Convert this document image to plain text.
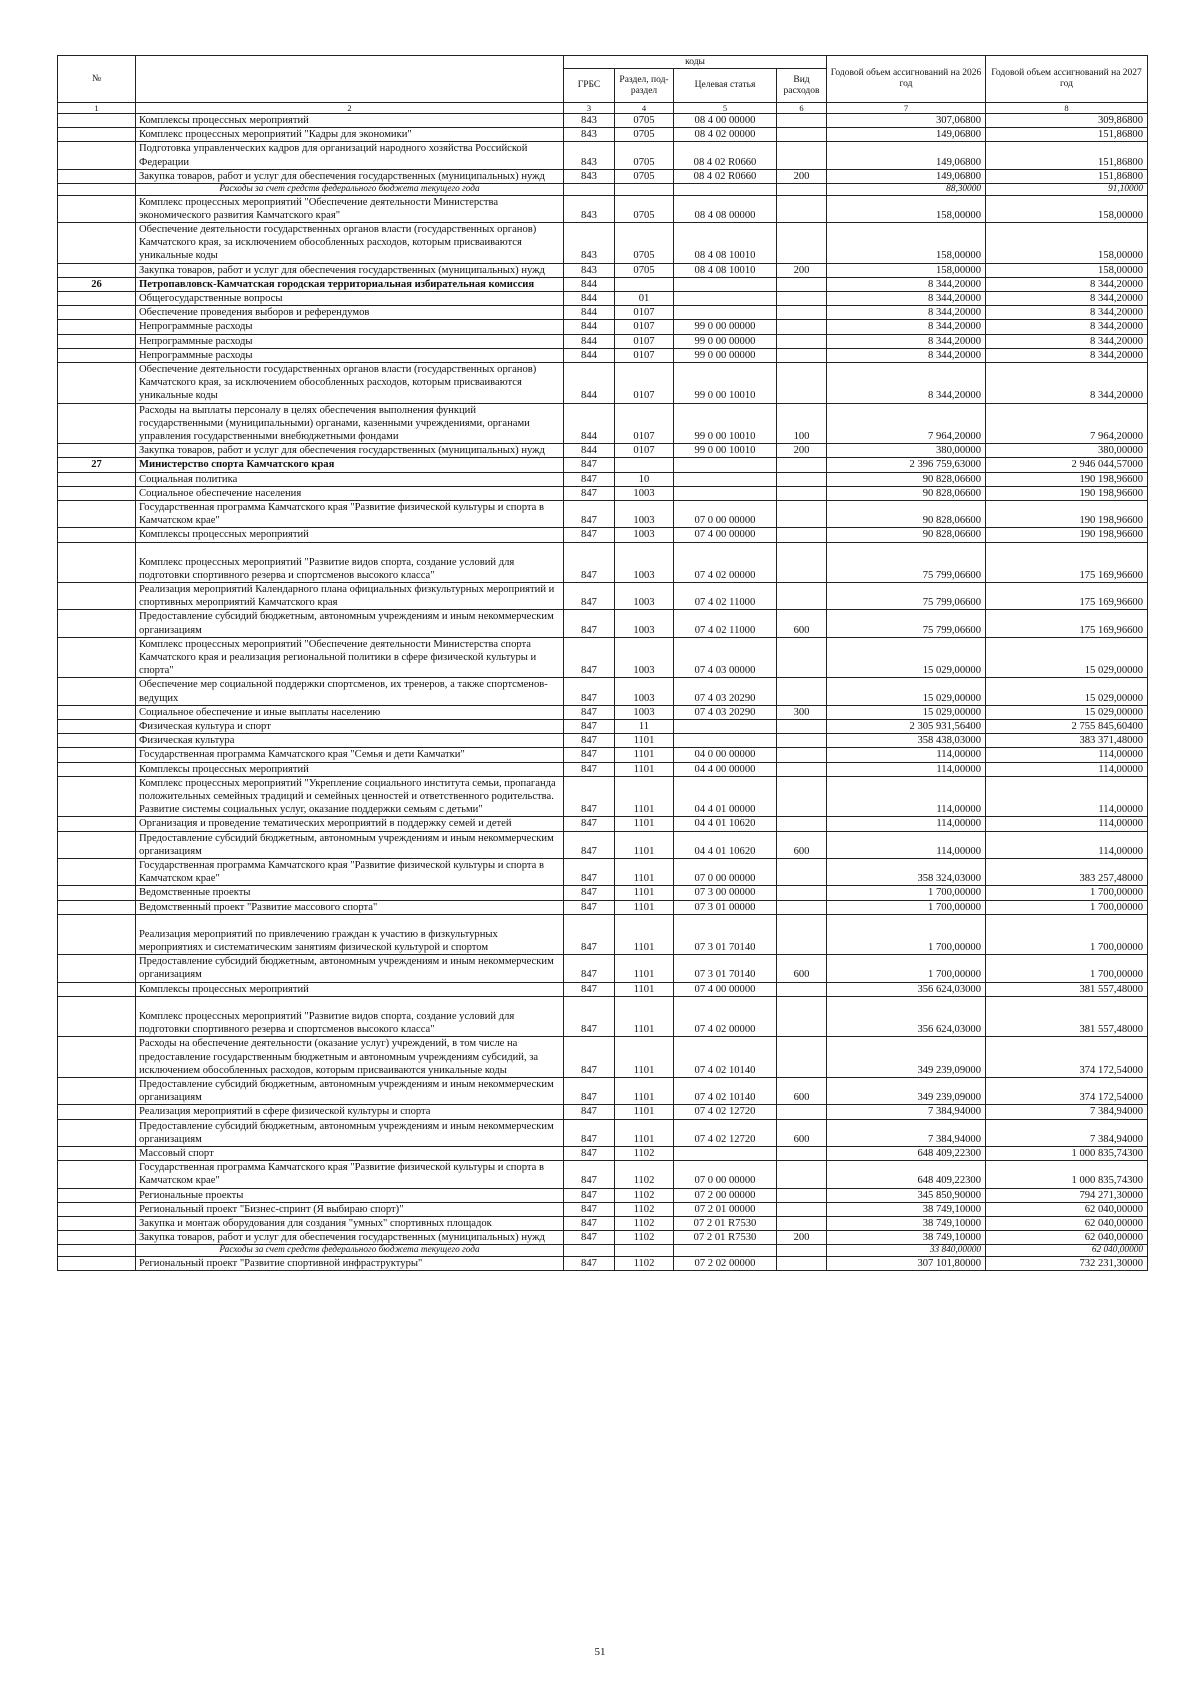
№		коды				Годовой объем ассигнований на 2026 год	Годовой объем ассигнований на 2027 год
		ГРБС	Раздел, под-раздел	Целевая статья	Вид расходов		
1	2	3	4	5	6	7	8
	Комплексы процессных мероприятий	843	0705	08 4 00 00000		307,06800	309,86800
	Комплекс процессных мероприятий "Кадры для экономики"	843	0705	08 4 02 00000		149,06800	151,86800
	Подготовка управленческих кадров для организаций народного хозяйства Российской Федерации	843	0705	08 4 02 R0660		149,06800	151,86800
	Закупка товаров, работ и услуг для обеспечения государственных (муниципальных) нужд	843	0705	08 4 02 R0660	200	149,06800	151,86800
	Расходы за счет средств федерального бюджета текущего года					88,30000	91,10000
	Комплекс процессных мероприятий "Обеспечение деятельности Министерства экономического развития Камчатского края"	843	0705	08 4 08 00000		158,00000	158,00000
	Обеспечение деятельности государственных органов власти (государственных органов) Камчатского края, за исключением обособленных расходов, которым присваиваются уникальные коды	843	0705	08 4 08 10010		158,00000	158,00000
	Закупка товаров, работ и услуг для обеспечения государственных (муниципальных) нужд	843	0705	08 4 08 10010	200	158,00000	158,00000
26	Петропавловск-Камчатская городская территориальная избирательная комиссия	844				8 344,20000	8 344,20000
	Общегосударственные вопросы	844	01			8 344,20000	8 344,20000
	Обеспечение проведения выборов и референдумов	844	0107			8 344,20000	8 344,20000
	Непрограммные расходы	844	0107	99 0 00 00000		8 344,20000	8 344,20000
	Непрограммные расходы	844	0107	99 0 00 00000		8 344,20000	8 344,20000
	Непрограммные расходы	844	0107	99 0 00 00000		8 344,20000	8 344,20000
	Обеспечение деятельности государственных органов власти (государственных органов) Камчатского края, за исключением обособленных расходов, которым присваиваются уникальные коды	844	0107	99 0 00 10010		8 344,20000	8 344,20000
	Расходы на выплаты персоналу в целях обеспечения выполнения функций государственными (муниципальными) органами, казенными учреждениями, органами управления государственными внебюджетными фондами	844	0107	99 0 00 10010	100	7 964,20000	7 964,20000
	Закупка товаров, работ и услуг для обеспечения государственных (муниципальных) нужд	844	0107	99 0 00 10010	200	380,00000	380,00000
27	Министерство спорта Камчатского края	847				2 396 759,63000	2 946 044,57000
	Социальная политика	847	10			90 828,06600	190 198,96600
	Социальное обеспечение населения	847	1003			90 828,06600	190 198,96600
	Государственная программа Камчатского края "Развитие физической культуры и спорта в Камчатском крае"	847	1003	07 0 00 00000		90 828,06600	190 198,96600
	Комплексы процессных мероприятий	847	1003	07 4 00 00000		90 828,06600	190 198,96600
	Комплекс процессных мероприятий "Развитие видов спорта, создание условий для подготовки спортивного резерва и спортсменов высокого класса"	847	1003	07 4 02 00000		75 799,06600	175 169,96600
	Реализация мероприятий Календарного плана официальных физкультурных мероприятий и спортивных мероприятий Камчатского края	847	1003	07 4 02 11000		75 799,06600	175 169,96600
	Предоставление субсидий бюджетным, автономным учреждениям и иным некоммерческим организациям	847	1003	07 4 02 11000	600	75 799,06600	175 169,96600
	Комплекс процессных мероприятий "Обеспечение деятельности Министерства спорта Камчатского края и реализация региональной политики в сфере физической культуры и спорта"	847	1003	07 4 03 00000		15 029,00000	15 029,00000
	Обеспечение мер социальной поддержки спортсменов, их тренеров, а также спортсменов-ведущих	847	1003	07 4 03 20290		15 029,00000	15 029,00000
	Социальное обеспечение и иные выплаты населению	847	1003	07 4 03 20290	300	15 029,00000	15 029,00000
	Физическая культура и спорт	847	11			2 305 931,56400	2 755 845,60400
	Физическая культура	847	1101			358 438,03000	383 371,48000
	Государственная программа Камчатского края "Семья и дети Камчатки"	847	1101	04 0 00 00000		114,00000	114,00000
	Комплексы процессных мероприятий	847	1101	04 4 00 00000		114,00000	114,00000
	Комплекс процессных мероприятий "Укрепление социального института семьи, пропаганда положительных семейных традиций и семейных ценностей и ответственного родительства. Развитие системы социальных услуг, оказание поддержки семьям с детьми"	847	1101	04 4 01 00000		114,00000	114,00000
	Организация и проведение тематических мероприятий в поддержку семей и детей	847	1101	04 4 01 10620		114,00000	114,00000
	Предоставление субсидий бюджетным, автономным учреждениям и иным некоммерческим организациям	847	1101	04 4 01 10620	600	114,00000	114,00000
	Государственная программа Камчатского края "Развитие физической культуры и спорта в Камчатском крае"	847	1101	07 0 00 00000		358 324,03000	383 257,48000
	Ведомственные проекты	847	1101	07 3 00 00000		1 700,00000	1 700,00000
	Ведомственный проект "Развитие массового спорта"	847	1101	07 3 01 00000		1 700,00000	1 700,00000
	Реализация мероприятий по привлечению граждан к участию в физкультурных мероприятиях и систематическим занятиям физической культурой и спортом	847	1101	07 3 01 70140		1 700,00000	1 700,00000
	Предоставление субсидий бюджетным, автономным учреждениям и иным некоммерческим организациям	847	1101	07 3 01 70140	600	1 700,00000	1 700,00000
	Комплексы процессных мероприятий	847	1101	07 4 00 00000		356 624,03000	381 557,48000
	Комплекс процессных мероприятий "Развитие видов спорта, создание условий для подготовки спортивного резерва и спортсменов высокого класса"	847	1101	07 4 02 00000		356 624,03000	381 557,48000
	Расходы на обеспечение деятельности (оказание услуг) учреждений, в том числе на предоставление государственным бюджетным и автономным учреждениям субсидий, за исключением обособленных расходов, которым присваиваются уникальные коды	847	1101	07 4 02 10140		349 239,09000	374 172,54000
	Предоставление субсидий бюджетным, автономным учреждениям и иным некоммерческим организациям	847	1101	07 4 02 10140	600	349 239,09000	374 172,54000
	Реализация мероприятий в сфере физической культуры и спорта	847	1101	07 4 02 12720		7 384,94000	7 384,94000
	Предоставление субсидий бюджетным, автономным учреждениям и иным некоммерческим организациям	847	1101	07 4 02 12720	600	7 384,94000	7 384,94000
	Массовый спорт	847	1102			648 409,22300	1 000 835,74300
	Государственная программа Камчатского края "Развитие физической культуры и спорта в Камчатском крае"	847	1102	07 0 00 00000		648 409,22300	1 000 835,74300
	Региональные проекты	847	1102	07 2 00 00000		345 850,90000	794 271,30000
	Региональный проект "Бизнес-спринт (Я выбираю спорт)"	847	1102	07 2 01 00000		38 749,10000	62 040,00000
	Закупка и монтаж оборудования для создания "умных" спортивных площадок	847	1102	07 2 01 R7530		38 749,10000	62 040,00000
	Закупка товаров, работ и услуг для обеспечения государственных (муниципальных) нужд	847	1102	07 2 01 R7530	200	38 749,10000	62 040,00000
	Расходы за счет средств федерального бюджета текущего года					33 840,00000	62 040,00000
	Региональный проект "Развитие спортивной инфраструктуры"	847	1102	07 2 02 00000		307 101,80000	732 231,30000
51
